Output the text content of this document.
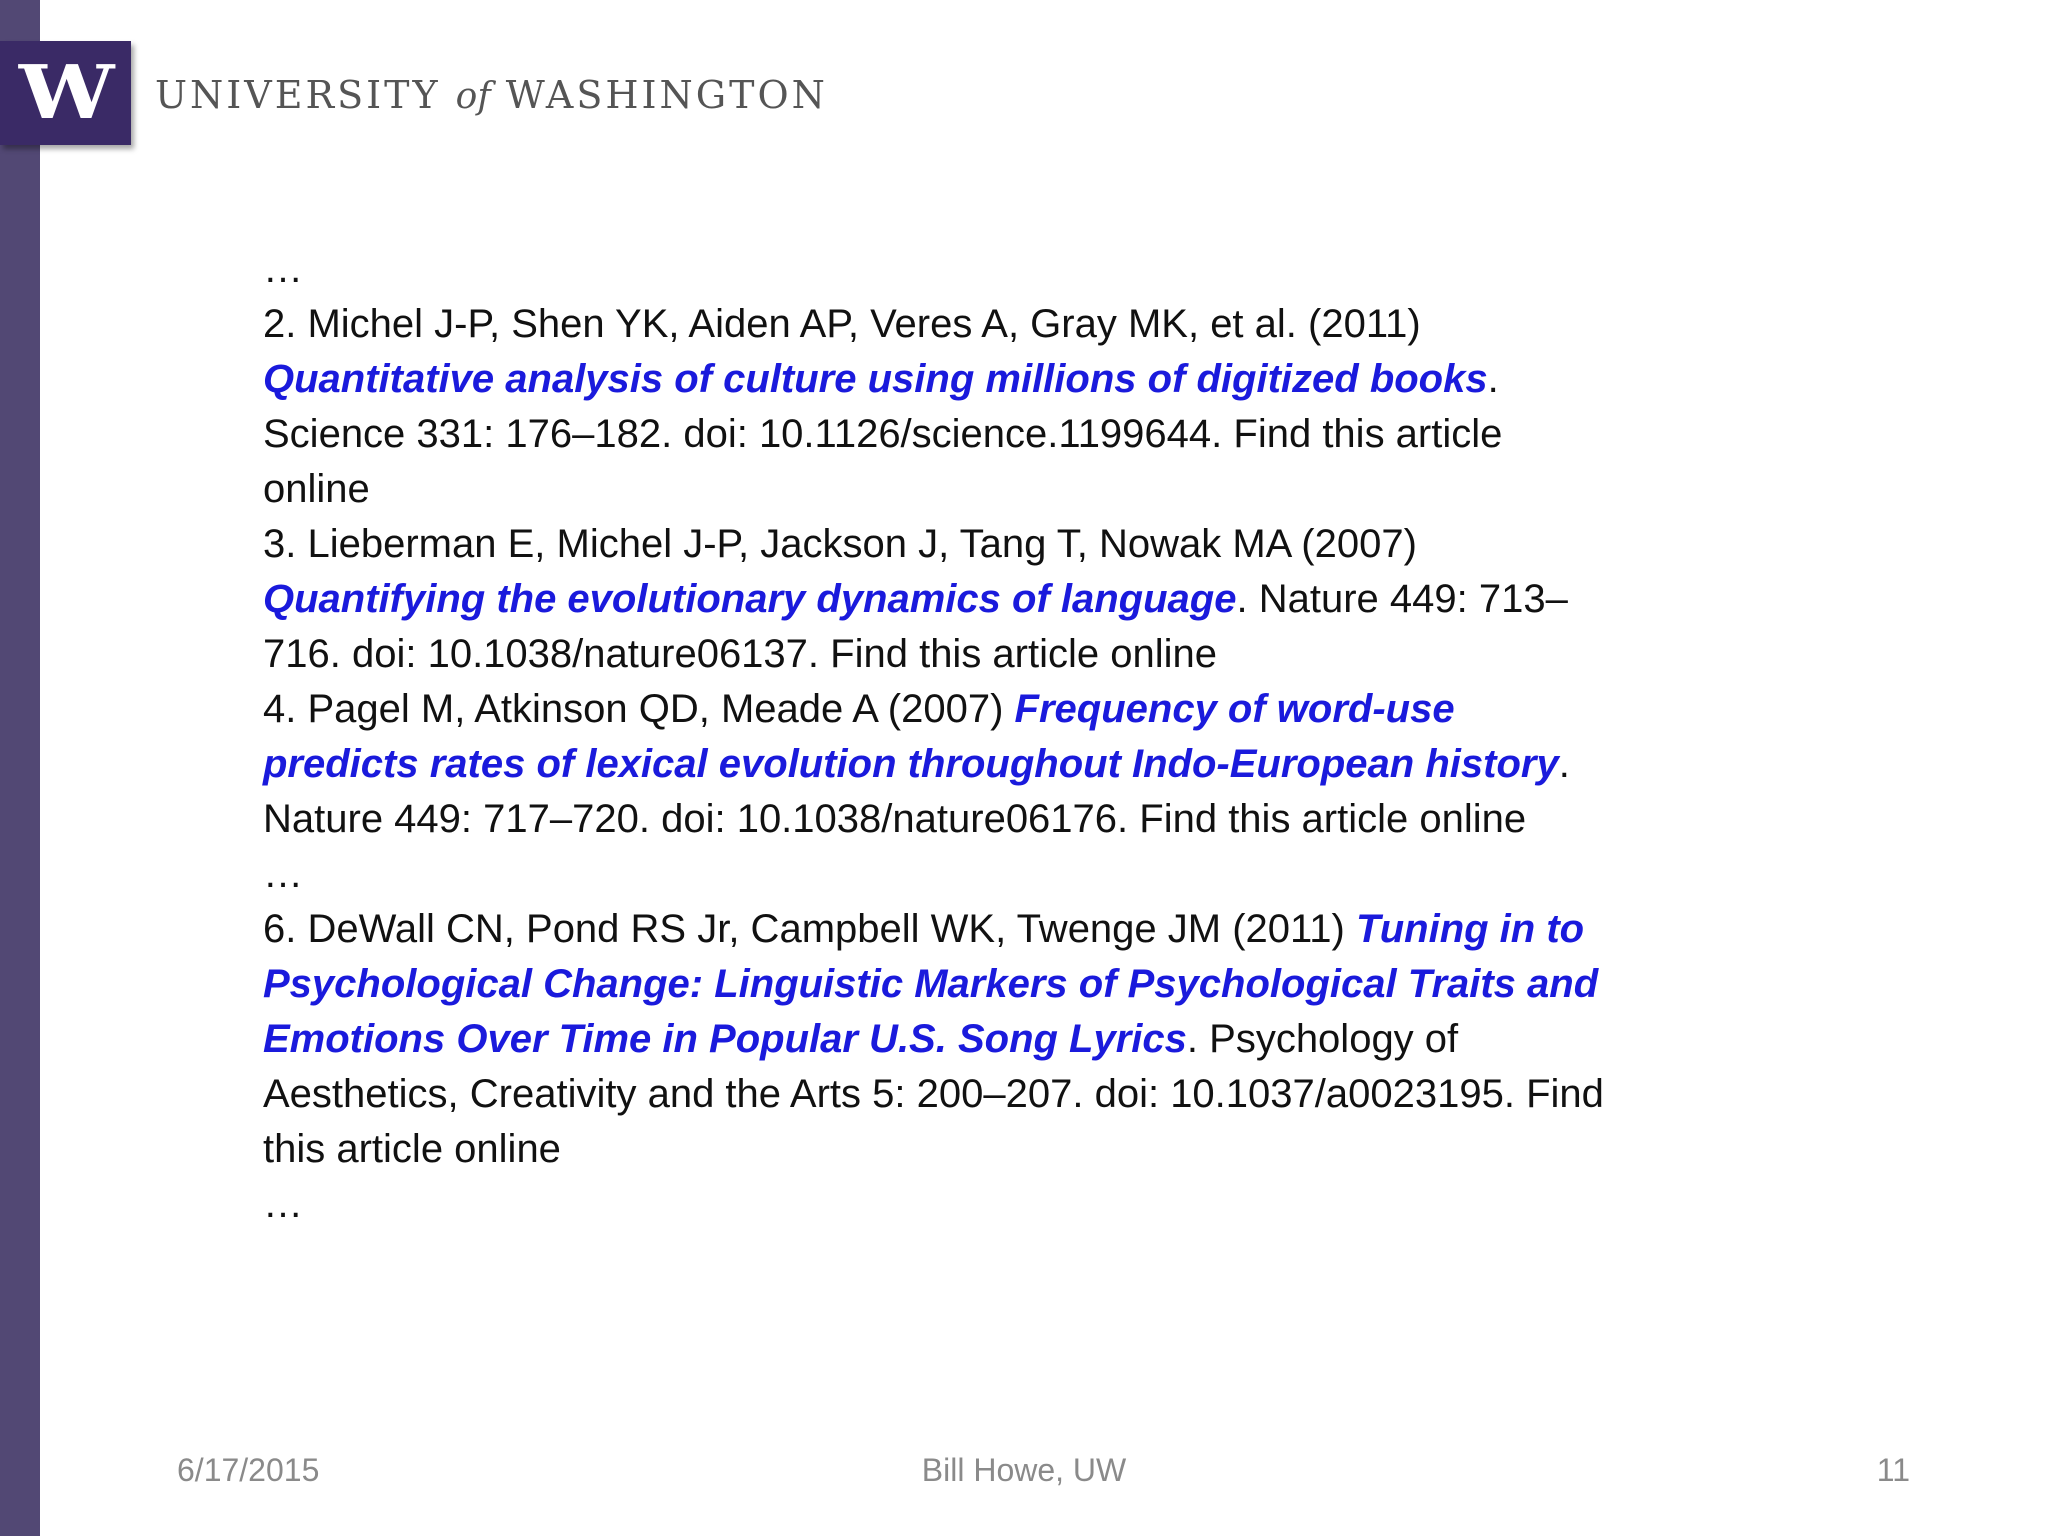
W UNIVERSITY of WASHINGTON
…
2. Michel J-P, Shen YK, Aiden AP, Veres A, Gray MK, et al. (2011)
Quantitative analysis of culture using millions of digitized books.
Science 331: 176–182. doi: 10.1126/science.1199644. Find this article
online
3. Lieberman E, Michel J-P, Jackson J, Tang T, Nowak MA (2007)
Quantifying the evolutionary dynamics of language. Nature 449: 713–
716. doi: 10.1038/nature06137. Find this article online
4. Pagel M, Atkinson QD, Meade A (2007) Frequency of word-use
predicts rates of lexical evolution throughout Indo-European history.
Nature 449: 717–720. doi: 10.1038/nature06176. Find this article online
…
6. DeWall CN, Pond RS Jr, Campbell WK, Twenge JM (2011) Tuning in to
Psychological Change: Linguistic Markers of Psychological Traits and
Emotions Over Time in Popular U.S. Song Lyrics. Psychology of
Aesthetics, Creativity and the Arts 5: 200–207. doi: 10.1037/a0023195. Find
this article online
…
6/17/2015	Bill Howe, UW	11
